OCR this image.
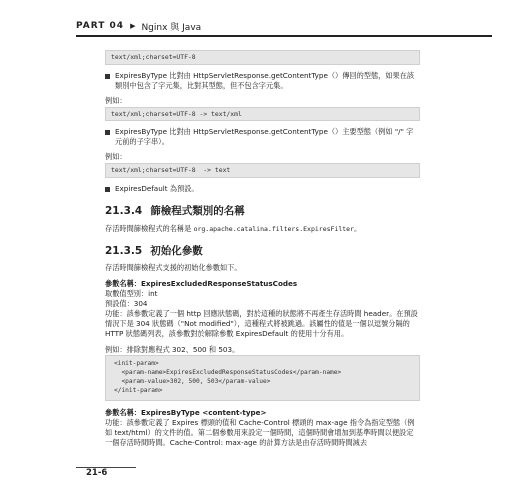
PART 04 ▶ Nginx 與 Java
text/xml;charset=UTF-8
ExpiresByType 比對由 HttpServletResponse.getContentType（）傳回的型態，如果在該類別中包含了字元集，比對其型態，但不包含字元集。
例如：
text/xml;charset=UTF-8 -> text/xml
ExpiresByType 比對由 HttpServletResponse.getContentType（）主要型態（例如 "/" 字元前的子字串）。
例如：
text/xml;charset=UTF-8  -> text
ExpiresDefault 為預設。
21.3.4 篩檢程式類別的名稱
存活時間篩檢程式的名稱是 org.apache.catalina.filters.ExpiresFilter。
21.3.5 初始化參數
存活時間篩檢程式支援的初始化參數如下。
參數名稱：ExpiresExcludedResponseStatusCodes
取數值型別：int
預設值：304
功能：該參數定義了一個 http 回應狀態碼，對於這種的狀態將不再產生存活時間 header。在預設情況下是 304 狀態碼（"Not modified"），這種程式將被跳過。該屬性的值是一個以逗號分隔的 HTTP 狀態碼列表，該參數對於解除參數 ExpiresDefault 的使用十分有用。
例如：排除對應程式 302、500 和 503。
<init-param>
<param-name>ExpiresExcludedResponseStatusCodes</param-name>
<param-value>302, 500, 503</param-value>
</init-param>
參數名稱：ExpiresByType <content-type>
功能：該參數定義了 Expires 標頭的值和 Cache-Control 標頭的 max-age 指令為指定型態（例如 text/html）的文件的值。第二個參數用來設定一個時間，這個時間會增加到基準時間以便設定一個存活時間時間。Cache-Control: max-age 的計算方法是由存活時間時間減去
21-6
